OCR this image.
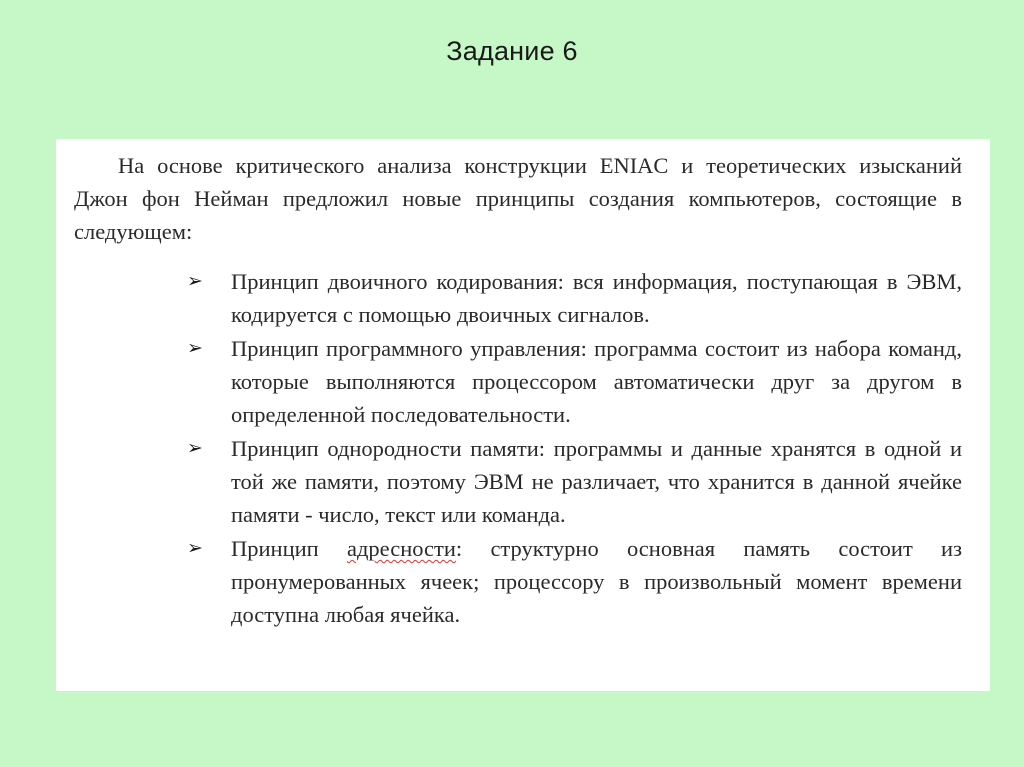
Задание 6

На основе критического анализа конструкции ENIAC и теоретических изысканий Джон фон Нейман предложил новые принципы создания компьютеров, состоящие в следующем:

➢ Принцип двоичного кодирования: вся информация, поступающая в ЭВМ, кодируется с помощью двоичных сигналов.
➢ Принцип программного управления: программа состоит из набора команд, которые выполняются процессором автоматически друг за другом в определенной последовательности.
➢ Принцип однородности памяти: программы и данные хранятся в одной и той же памяти, поэтому ЭВМ не различает, что хранится в данной ячейке памяти - число, текст или команда.
➢ Принцип адресности: структурно основная память состоит из пронумерованных ячеек; процессору в произвольный момент времени доступна любая ячейка.
